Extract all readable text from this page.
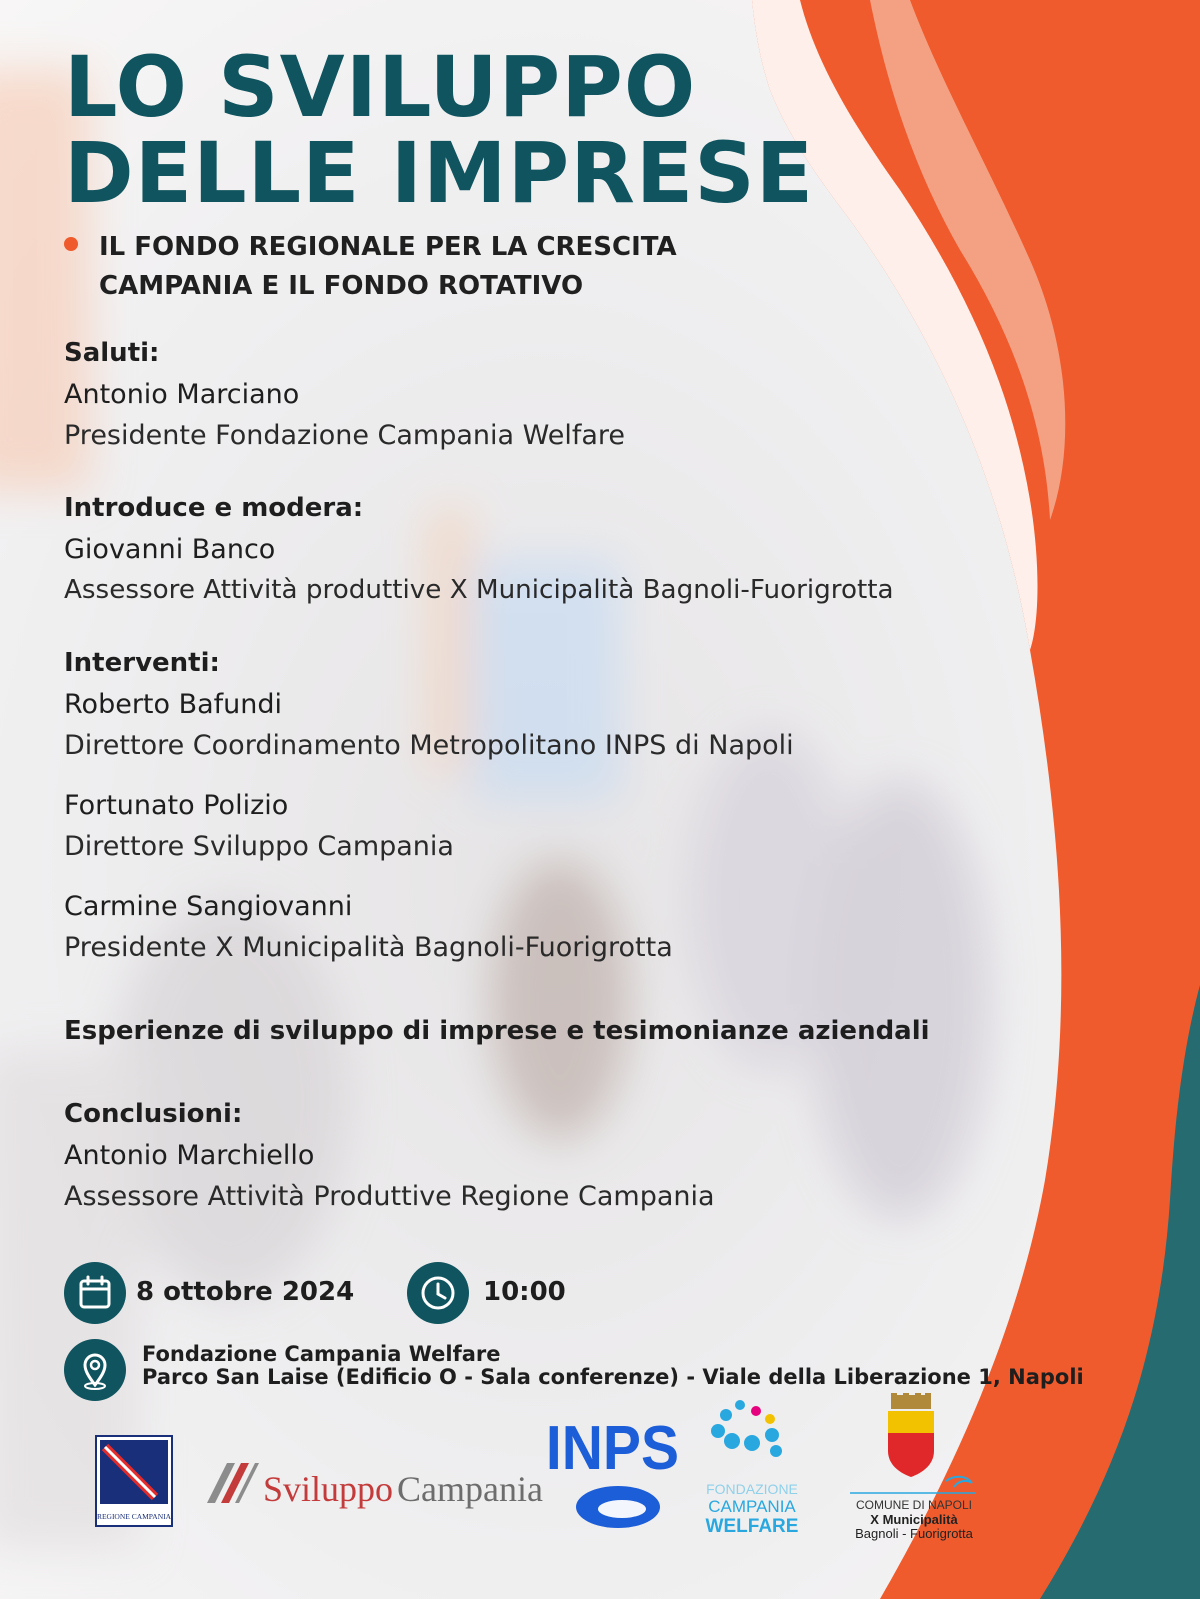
LO SVILUPPO
DELLE IMPRESE
IL FONDO REGIONALE PER LA CRESCITA
CAMPANIA E IL FONDO ROTATIVO
Saluti:
Antonio Marciano
Presidente Fondazione Campania Welfare
Introduce e modera:
Giovanni Banco
Assessore Attività produttive X Municipalità Bagnoli-Fuorigrotta
Interventi:
Roberto Bafundi
Direttore Coordinamento Metropolitano INPS di Napoli
Fortunato Polizio
Direttore Sviluppo Campania
Carmine Sangiovanni
Presidente X Municipalità Bagnoli-Fuorigrotta
Esperienze di sviluppo di imprese e tesimonianze aziendali
Conclusioni:
Antonio Marchiello
Assessore Attività Produttive Regione Campania
8 ottobre 2024	10:00
Fondazione Campania Welfare
Parco San Laise (Edificio O - Sala conferenze) - Viale della Liberazione 1, Napoli
REGIONE CAMPANIA
Sviluppo Campania
INPS
FONDAZIONE
CAMPANIA
WELFARE
COMUNE DI NAPOLI
X Municipalità
Bagnoli - Fuorigrotta
